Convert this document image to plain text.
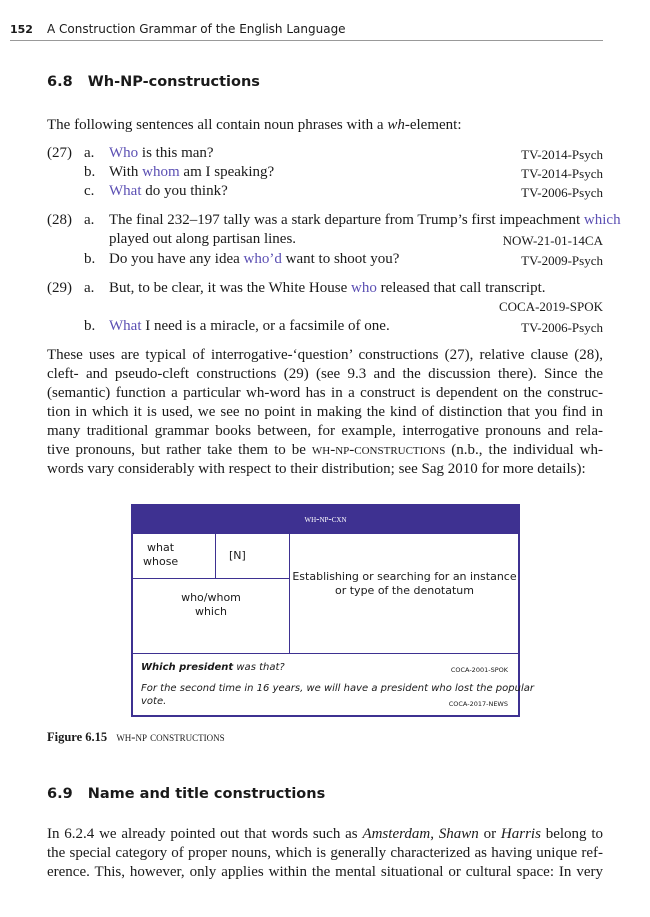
152 A Construction Grammar of the English Language
6.8 Wh-NP-constructions
The following sentences all contain noun phrases with a wh-element:
(27) a. Who is this man?	TV-2014-Psych
b. With whom am I speaking?	TV-2014-Psych
c. What do you think?	TV-2006-Psych
(28) a. The final 232–197 tally was a stark departure from Trump’s first impeachment which
played out along partisan lines.	NOW-21-01-14CA
b. Do you have any idea who’d want to shoot you?	TV-2009-Psych
(29) a. But, to be clear, it was the White House who released that call transcript.
COCA-2019-SPOK
b. What I need is a miracle, or a facsimile of one.	TV-2006-Psych
These uses are typical of interrogative-‘question’ constructions (27), relative clause (28),
cleft- and pseudo-cleft constructions (29) (see 9.3 and the discussion there). Since the
(semantic) function a particular wh-word has in a construct is dependent on the construc-
tion in which it is used, we see no point in making the kind of distinction that you find in
many traditional grammar books between, for example, interrogative pronouns and rela-
tive pronouns, but rather take them to be wh-np-constructions (n.b., the individual wh-
words vary considerably with respect to their distribution; see Sag 2010 for more details):
wh-np-cxn
what
whose	[N]
who/whom
which
Establishing or searching for an instance
or type of the denotatum
Which president was that?	COCA-2001-SPOK
For the second time in 16 years, we will have a president who lost the popular
vote.	COCA-2017-NEWS
Figure 6.15 wh-np constructions
6.9 Name and title constructions
In 6.2.4 we already pointed out that words such as Amsterdam, Shawn or Harris belong to
the special category of proper nouns, which is generally characterized as having unique ref-
erence. This, however, only applies within the mental situational or cultural space: In very
